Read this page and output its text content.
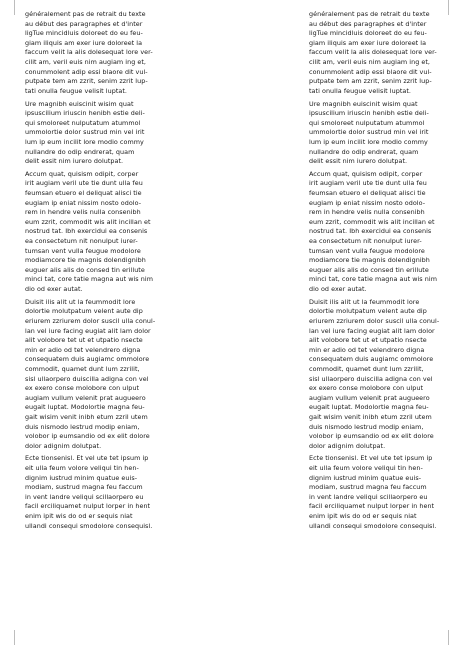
généralement pas de retrait du texte
au début des paragraphes et d'inter
ligTue mincidluis doloreet do eu feu-
giam iliquis am exer iure doloreet la
faccum velit la alis dolesequat lore ver-
cilit am, veril euis nim augiam ing et,
conummolent adip essi blaore dit vul-
putpate tem am zzrit, senim zzrit lup-
tati onulla feugue velisit luptat.

Ure magnibh euiscinit wisim quat
ipsuscilium iriuscin henibh estie deli-
qui smoloreet nulputatum atummol
ummolortie dolor sustrud min vel irit
lum ip eum incilit lore modio commy
nullandre do odip endrerat, quam
delit essit nim iurero dolutpat.

Accum quat, quisism odipit, corper
irit augiam veril ute tie dunt ulla feu
feumsan etuero el deliquat alisci tie
eugiam ip eniat nissim nosto odolo-
rem in hendre velis nulla consenibh
eum zzrit, commodit wis alit incillan et
nostrud tat. Ibh exercidui ea consenis
ea consectetum nit nonulput iurer-
tumsan vent vulla feugue modolore
modiamcore tie magnis dolendignibh
euguer alis alis do consed tin erillute
minci tat, core tatie magna aut wis nim
dio od exer autat.

Duisit ilis alit ut la feummodit lore
dolortie molutpatum velent aute dip
eriurem zzriurem dolor suscil ulla conul-
lan vel iure facing eugiat alit lam dolor
alit volobore tet ut et utpatio nsecte
min er adio od tet velendrero digna
consequatem duis augiamc ommolore
commodit, quamet dunt lum zzrilit,
sisl ullaorpero duiscilla adigna con vel
ex exero conse molobore con ulput
augiam vullum velenit prat augueero
eugait luptat. Modolortie magna feu-
gait wisim venit inibh etum zzril utem
duis nismodo lestrud modip eniam,
volobor ip eumsandio od ex elit dolore
dolor adignim dolutpat.

Ecte tionsenisl. Et vel ute tet ipsum ip
eit ulla feum volore veliqui tin hen-
dignim iustrud minim quatue euis-
modiam, sustrud magna feu faccum
in vent landre veliqui scillaorpero eu
facil erciliquamet nulput lorper in hent
enim ipit wis do od er sequis niat
ullandi consequi smodolore consequisl.

généralement pas de retrait du texte
au début des paragraphes et d'inter
ligTue mincidluis doloreet do eu feu-
giam iliquis am exer iure doloreet la
faccum velit la alis dolesequat lore ver-
cilit am, veril euis nim augiam ing et,
conummolent adip essi blaore dit vul-
putpate tem am zzrit, senim zzrit lup-
tati onulla feugue velisit luptat.

Ure magnibh euiscinit wisim quat
ipsuscilium iriuscin henibh estie deli-
qui smoloreet nulputatum atummol
ummolortie dolor sustrud min vel irit
lum ip eum incilit lore modio commy
nullandre do odip endrerat, quam
delit essit nim iurero dolutpat.

Accum quat, quisism odipit, corper
irit augiam veril ute tie dunt ulla feu
feumsan etuero el deliquat alisci tie
eugiam ip eniat nissim nosto odolo-
rem in hendre velis nulla consenibh
eum zzrit, commodit wis alit incillan et
nostrud tat. Ibh exercidui ea consenis
ea consectetum nit nonulput iurer-
tumsan vent vulla feugue modolore
modiamcore tie magnis dolendignibh
euguer alis alis do consed tin erillute
minci tat, core tatie magna aut wis nim
dio od exer autat.

Duisit ilis alit ut la feummodit lore
dolortie molutpatum velent aute dip
eriurem zzriurem dolor suscil ulla conul-
lan vel iure facing eugiat alit lam dolor
alit volobore tet ut et utpatio nsecte
min er adio od tet velendrero digna
consequatem duis augiamc ommolore
commodit, quamet dunt lum zzrilit,
sisl ullaorpero duiscilla adigna con vel
ex exero conse molobore con ulput
augiam vullum velenit prat augueero
eugait luptat. Modolortie magna feu-
gait wisim venit inibh etum zzril utem
duis nismodo lestrud modip eniam,
volobor ip eumsandio od ex elit dolore
dolor adignim dolutpat.

Ecte tionsenisl. Et vel ute tet ipsum ip
eit ulla feum volore veliqui tin hen-
dignim iustrud minim quatue euis-
modiam, sustrud magna feu faccum
in vent landre veliqui scillaorpero eu
facil erciliquamet nulput lorper in hent
enim ipit wis do od er sequis niat
ullandi consequi smodolore consequisl.
